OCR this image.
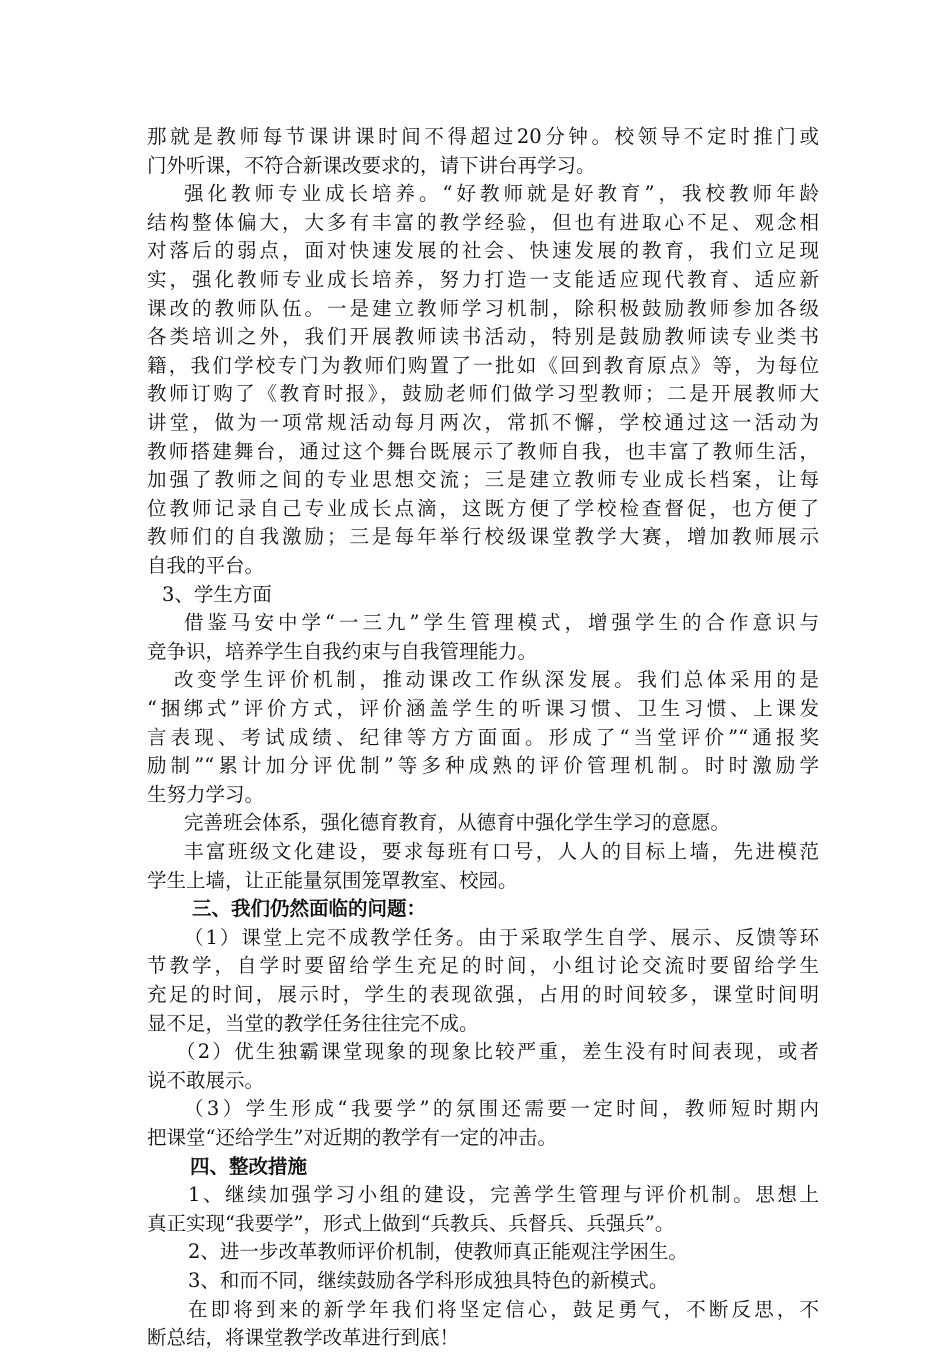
那就是教师每节课讲课时间不得超过20分钟。校领导不定时推门或
门外听课，不符合新课改要求的，请下讲台再学习。
强化教师专业成长培养。“好教师就是好教育”，我校教师年龄
结构整体偏大，大多有丰富的教学经验，但也有进取心不足、观念相
对落后的弱点，面对快速发展的社会、快速发展的教育，我们立足现
实，强化教师专业成长培养，努力打造一支能适应现代教育、适应新
课改的教师队伍。一是建立教师学习机制，除积极鼓励教师参加各级
各类培训之外，我们开展教师读书活动，特别是鼓励教师读专业类书
籍，我们学校专门为教师们购置了一批如《回到教育原点》等，为每位
教师订购了《教育时报》，鼓励老师们做学习型教师；二是开展教师大
讲堂，做为一项常规活动每月两次，常抓不懈，学校通过这一活动为
教师搭建舞台，通过这个舞台既展示了教师自我，也丰富了教师生活，
加强了教师之间的专业思想交流；三是建立教师专业成长档案，让每
位教师记录自己专业成长点滴，这既方便了学校检查督促，也方便了
教师们的自我激励；三是每年举行校级课堂教学大赛，增加教师展示
自我的平台。
3、学生方面
借鉴马安中学“一三九”学生管理模式，增强学生的合作意识与
竞争识，培养学生自我约束与自我管理能力。
改变学生评价机制，推动课改工作纵深发展。我们总体采用的是
“捆绑式”评价方式，评价涵盖学生的听课习惯、卫生习惯、上课发
言表现、考试成绩、纪律等方方面面。形成了“当堂评价”“通报奖
励制”“累计加分评优制”等多种成熟的评价管理机制。时时激励学
生努力学习。
完善班会体系，强化德育教育，从德育中强化学生学习的意愿。
丰富班级文化建设，要求每班有口号，人人的目标上墙，先进模范
学生上墙，让正能量氛围笼罩教室、校园。
三、我们仍然面临的问题：
（1）课堂上完不成教学任务。由于采取学生自学、展示、反馈等环
节教学，自学时要留给学生充足的时间，小组讨论交流时要留给学生
充足的时间，展示时，学生的表现欲强，占用的时间较多，课堂时间明
显不足，当堂的教学任务往往完不成。
（2）优生独霸课堂现象的现象比较严重，差生没有时间表现，或者
说不敢展示。
（3）学生形成“我要学”的氛围还需要一定时间，教师短时期内
把课堂“还给学生”对近期的教学有一定的冲击。
四、整改措施
1、继续加强学习小组的建设，完善学生管理与评价机制。思想上
真正实现“我要学”，形式上做到“兵教兵、兵督兵、兵强兵”。
2、进一步改革教师评价机制，使教师真正能观注学困生。
3、和而不同，继续鼓励各学科形成独具特色的新模式。
在即将到来的新学年我们将坚定信心，鼓足勇气，不断反思，不
断总结，将课堂教学改革进行到底！
